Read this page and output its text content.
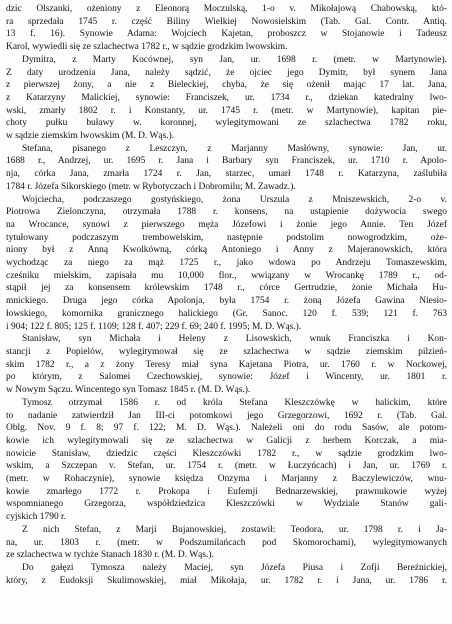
dzic Olszanki, ożeniony z Eleonorą Moczulską, 1-o v. Mikołajową Chabowską, któ-
ra sprzedała 1745 r. część Biliny Wielkiej Nowosielskim (Tab. Gal. Contr. Antiq.
13 f. 16). Synowie Adama: Wojciech Kajetan, proboszcz w Stojanowie i Tadeusz
Karol, wywiedli się ze szlachectwa 1782 r., w sądzie grodzkim lwowskim.
Dymitra, z Marty Kocównej, syn Jan, ur. 1698 r. (metr. w Martynowie).
Z daty urodzenia Jana, należy sądzić, że ojciec jego Dymitr, był synem Jana
z pierwszej żony, a nie z Bieleckiej, chyba, że się ożenił mając 17 lat. Jana,
z Katarzyny Malickiej, synowie: Franciszek, ur. 1734 r., dziekan katedralny lwo-
wski, zmarły 1802 r. i Konstanty, ur. 1745 r. (metr. w Martynowie), kapitan pie-
choty pułku buławy w. koronnej, wylegitymowani ze szlachectwa 1782 roku,
w sądzie ziemskim lwowskim (M. D. Wąs.).
Stefana, pisanego z Leszczyn, z Marjanny Masłówny, synowie: Jan, ur.
1688 r., Andrzej, ur. 1695 r. Jana i Barbary syn Franciszek, ur. 1710 r. Apolo-
nja, córka Jana, zmarła 1724 r. Jan, starzec, umarł 1748 r. Katarzyna, zaślubiła
1784 r. Józefa Sikorskiego (metr. w Rybotyczach i Dobromilu; M. Zawadz.).
Wojciecha, podczaszego gostyńskiego, żona Urszula z Mniszewskich, 2-o v.
Piotrowa Zielonczyna, otrzymała 1788 r. konsens, na ustąpienie dożywocia swego
na Wrocance, synowi z pierwszego męża Józefowi i żonie jego Annie. Ten Józef
tytułowany podczaszym trembowelskim, następnie podstolim nowogrodzkim, oże-
niony był z Anną Kwolkówną, córką Antoniego i Anny z Majeranowskich, która
wychodząc za niego za mąż 1725 r., jako wdowa po Andrzeju Tomaszewskim,
cześniku mielskim, zapisała mu 10,000 flor., wwiązany w Wrocankę 1789 r., od-
stąpił jej za konsensem królewskim 1748 r., córce Gertrudzie, żonie Michała Hu-
mnickiego. Druga jego córka Apolonja, była 1754 r. żoną Józefa Gawina Niesio-
łowskiego, komornika granicznego halickiego (Gr. Sanoc. 120 f. 539; 121 f. 763
i 904; 122 f. 805; 125 f. 1109; 128 f. 407; 229 f. 69; 240 f. 1995; M. D. Wąs.).
Stanisław, syn Michała i Heleny z Lisowskich, wnuk Franciszka i Kon-
stancji z Popielów, wylegitymował się ze szlachectwa w sądzie ziemskim pilzień-
skim 1782 r., a z żony Teresy miał syna Kajetana Piotra, ur. 1760 r. w Nockowej,
po którym, z Salomei Czechowskiej, synowie: Józef i Wincenty, ur. 1801 r.
w Nowym Sączu. Wincentego syn Tomasz 1845 r. (M. D. Wąs.).
Tymosz otrzymał 1586 r. od króla Stefana Kleszczówkę w halickim, które
to nadanie zatwierdził Jan III-ci potomkowi jego Grzegorzowi, 1692 r. (Tab. Gal.
Oblg. Nov. 9 f. 8; 97 f. 122; M. D. Wąs.). Należeli oni do rodu Sasów, ale potom-
kowie ich wylegitymowali się ze szlachectwa w Galicji z herbem Korczak, a mia-
nowicie Stanisław, dziedzic części Kleszczówki 1782 r., w sądzie grodzkim lwo-
wskim, a Szczepan v. Stefan, ur. 1754 r. (metr. w Łuczyńcach) i Jan, ur. 1769 r.
(metr. w Rohaczynie), synowie księdza Onzyma i Marjanny z Baczylewiczów, wnu-
kowie zmarłego 1772 r. Prokopa i Eufemji Bednarzewskiej, prawnukowie wyżej
wspomnianego Grzegorza, współdziedzica Kleszczówki w Wydziale Stanów gali-
cyjskich 1790 r.
Z nich Stefan, z Marji Bujanowskiej, zostawił: Teodora, ur. 1798 r. i Ja-
na, ur. 1803 r. (metr. w Podszumilańcach pod Skomorochami), wylegitymowanych
ze szlachectwa w tychże Stanach 1830 r. (M. D. Wąs.).
Do gałęzi Tymosza należy Maciej, syn Józefa Piusa i Zofji Bereźnickiej,
który, z Eudoksji Skulimowskiej, miał Mikołaja, ur. 1782 r. i Jana, ur. 1786 r.
